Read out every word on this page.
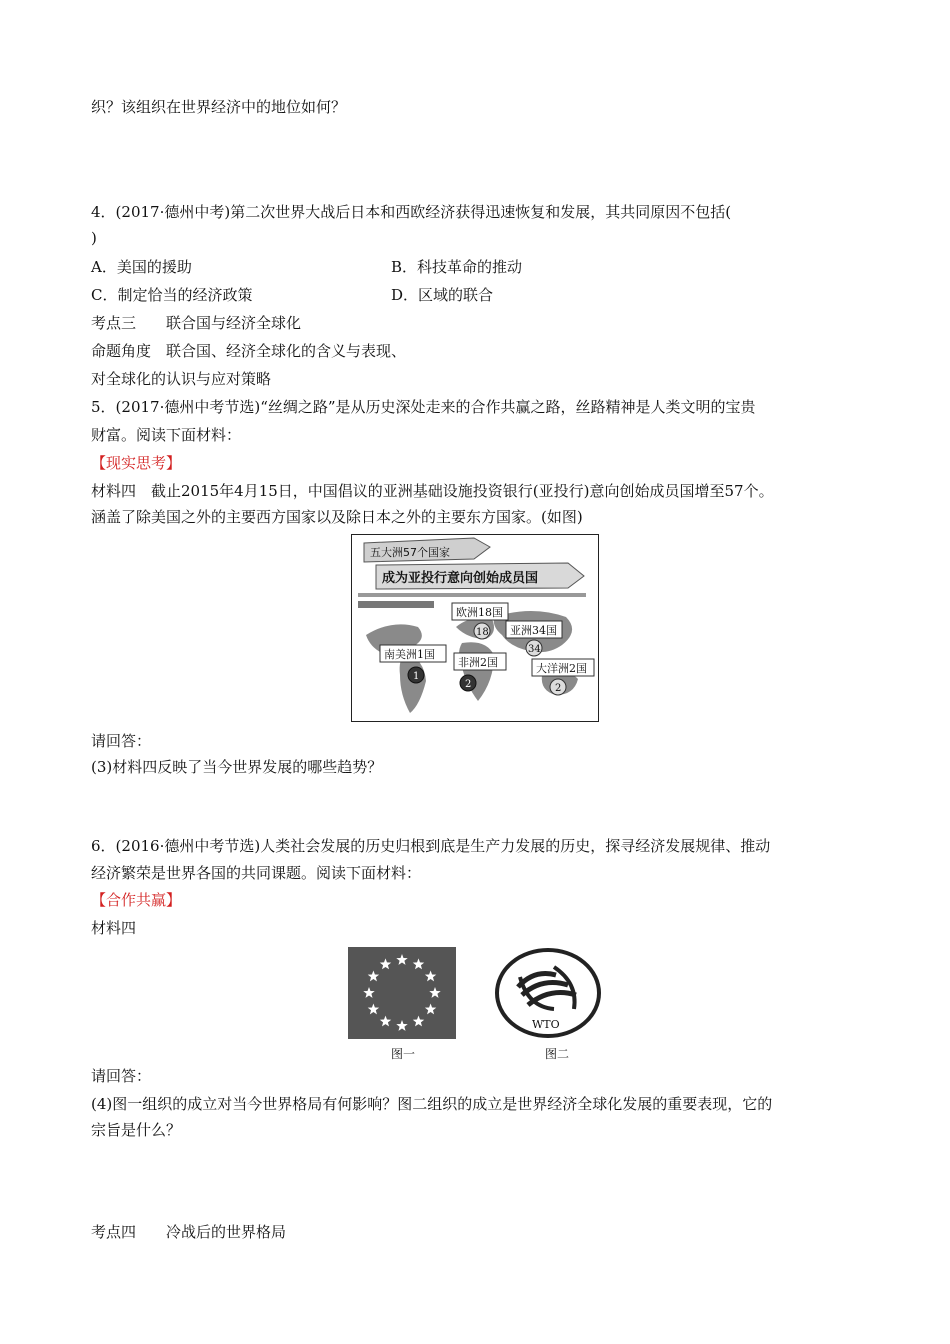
织？该组织在世界经济中的地位如何？
4．(2017·德州中考)第二次世界大战后日本和西欧经济获得迅速恢复和发展，其共同原因不包括(
)
A．美国的援助	B．科技革命的推动
C．制定恰当的经济政策	D．区域的联合
考点三　　联合国与经济全球化
命题角度　联合国、经济全球化的含义与表现、
对全球化的认识与应对策略
5．(2017·德州中考节选)“丝绸之路”是从历史深处走来的合作共赢之路，丝路精神是人类文明的宝贵
财富。阅读下面材料：
【现实思考】
材料四　截止2015年4月15日，中国倡议的亚洲基础设施投资银行(亚投行)意向创始成员国增至57个。
涵盖了除美国之外的主要西方国家以及除日本之外的主要东方国家。(如图)
五大洲57个国家
成为亚投行意向创始成员国
亚洲34国
34
欧洲18国
18
南美洲1国
1
非洲2国
2
大洋洲2国
2
请回答：
(3)材料四反映了当今世界发展的哪些趋势？
6．(2016·德州中考节选)人类社会发展的历史归根到底是生产力发展的历史，探寻经济发展规律、推动
经济繁荣是世界各国的共同课题。阅读下面材料：
【合作共赢】
材料四
图一
WTO
图二
请回答：
(4)图一组织的成立对当今世界格局有何影响？图二组织的成立是世界经济全球化发展的重要表现，它的
宗旨是什么？
考点四　　冷战后的世界格局
